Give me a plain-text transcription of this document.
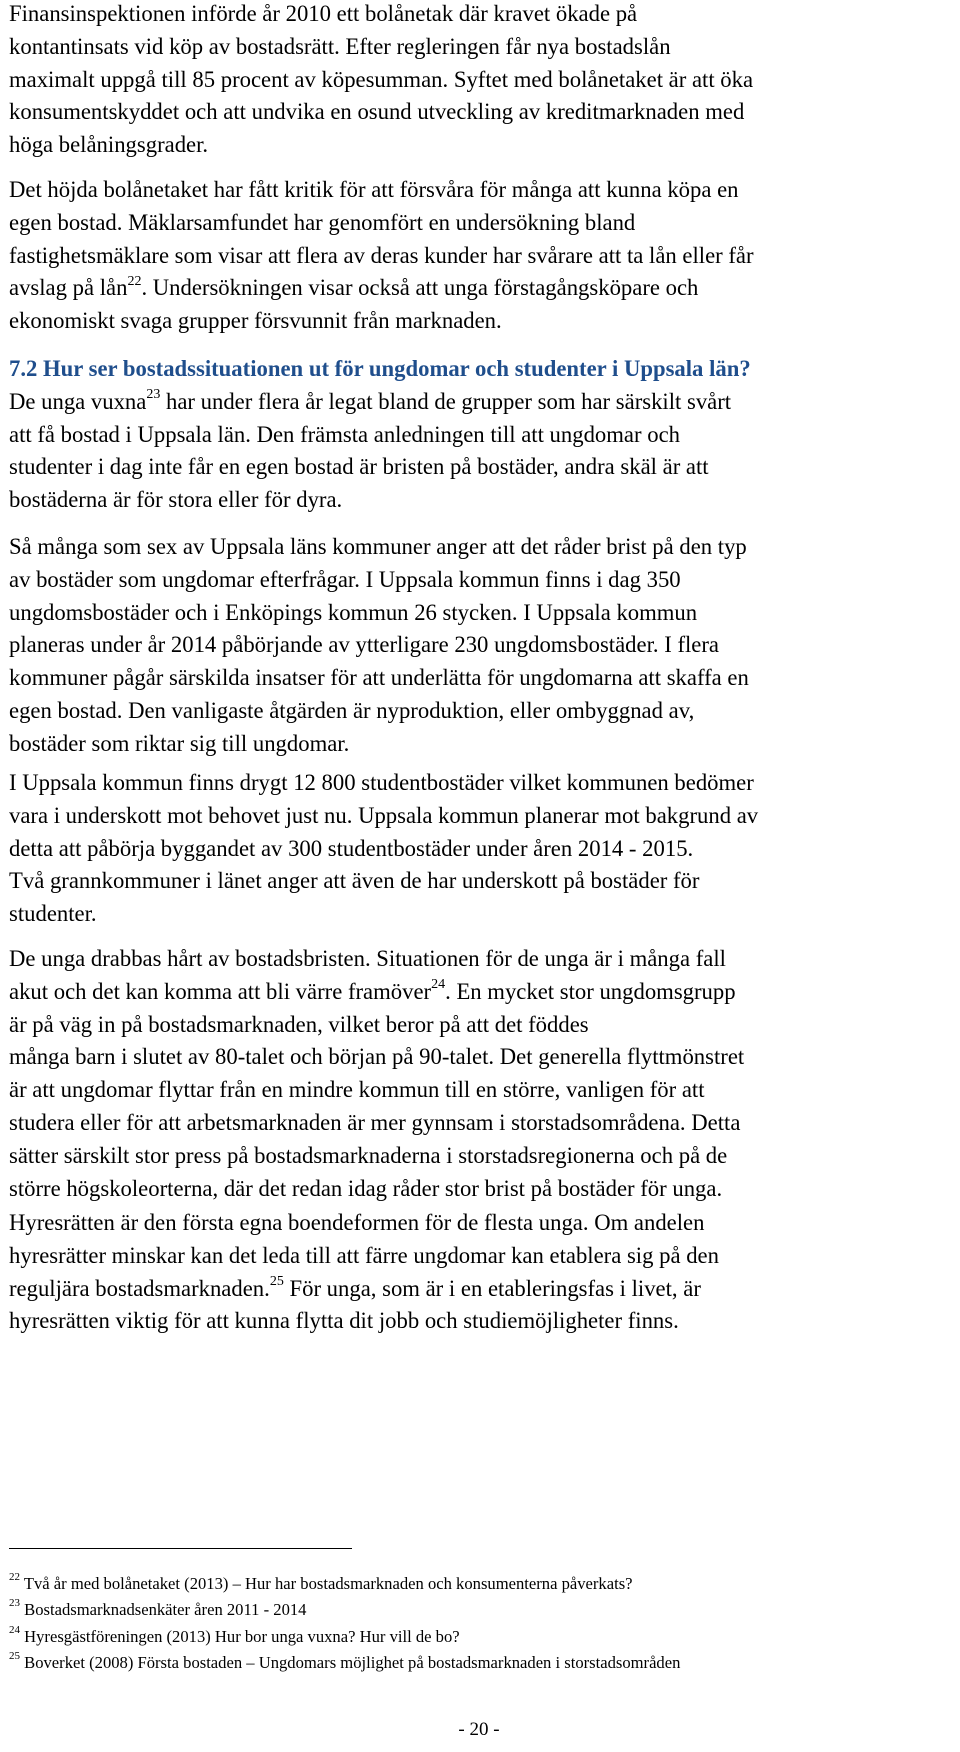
Finansinspektionen införde år 2010 ett bolånetak där kravet ökade på
kontantinsats vid köp av bostadsrätt. Efter regleringen får nya bostadslån
maximalt uppgå till 85 procent av köpesumman. Syftet med bolånetaket är att öka
konsumentskyddet och att undvika en osund utveckling av kreditmarknaden med
höga belåningsgrader.
Det höjda bolånetaket har fått kritik för att försvåra för många att kunna köpa en
egen bostad. Mäklarsamfundet har genomfört en undersökning bland
fastighetsmäklare som visar att flera av deras kunder har svårare att ta lån eller får
avslag på lån$^{22}$. Undersökningen visar också att unga förstagångsköpare och
ekonomiskt svaga grupper försvunnit från marknaden.
7.2 Hur ser bostadssituationen ut för ungdomar och studenter i Uppsala län?
De unga vuxna$^{23}$ har under flera år legat bland de grupper som har särskilt svårt
att få bostad i Uppsala län. Den främsta anledningen till att ungdomar och
studenter i dag inte får en egen bostad är bristen på bostäder, andra skäl är att
bostäderna är för stora eller för dyra.
Så många som sex av Uppsala läns kommuner anger att det råder brist på den typ
av bostäder som ungdomar efterfrågar. I Uppsala kommun finns i dag 350
ungdomsbostäder och i Enköpings kommun 26 stycken. I Uppsala kommun
planeras under år 2014 påbörjande av ytterligare 230 ungdomsbostäder. I flera
kommuner pågår särskilda insatser för att underlätta för ungdomarna att skaffa en
egen bostad. Den vanligaste åtgärden är nyproduktion, eller ombyggnad av,
bostäder som riktar sig till ungdomar.
I Uppsala kommun finns drygt 12 800 studentbostäder vilket kommunen bedömer
vara i underskott mot behovet just nu. Uppsala kommun planerar mot bakgrund av
detta att påbörja byggandet av 300 studentbostäder under åren 2014 - 2015.
Två grannkommuner i länet anger att även de har underskott på bostäder för
studenter.
De unga drabbas hårt av bostadsbristen. Situationen för de unga är i många fall
akut och det kan komma att bli värre framöver$^{24}$. En mycket stor ungdomsgrupp
är på väg in på bostadsmarknaden, vilket beror på att det föddes
många barn i slutet av 80-talet och början på 90-talet. Det generella flyttmönstret
är att ungdomar flyttar från en mindre kommun till en större, vanligen för att
studera eller för att arbetsmarknaden är mer gynnsam i storstadsområdena. Detta
sätter särskilt stor press på bostadsmarknaderna i storstadsregionerna och på de
större högskoleorterna, där det redan idag råder stor brist på bostäder för unga.
Hyresrätten är den första egna boendeformen för de flesta unga. Om andelen
hyresrätter minskar kan det leda till att färre ungdomar kan etablera sig på den
reguljära bostadsmarknaden.$^{25}$ För unga, som är i en etableringsfas i livet, är
hyresrätten viktig för att kunna flytta dit jobb och studiemöjligheter finns.
$^{22}$ Två år med bolånetaket (2013) – Hur har bostadsmarknaden och konsumenterna påverkats?
$^{23}$ Bostadsmarknadsenkäter åren 2011 - 2014
$^{24}$ Hyresgästföreningen (2013) Hur bor unga vuxna? Hur vill de bo?
$^{25}$ Boverket (2008) Första bostaden – Ungdomars möjlighet på bostadsmarknaden i storstadsområden
- 20 -
